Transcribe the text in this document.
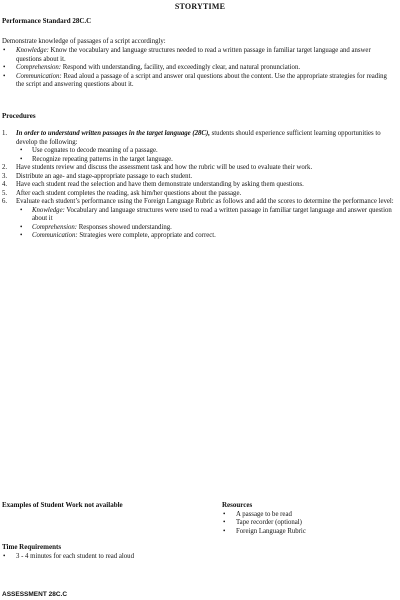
STORYTIME
Performance Standard 28C.C
Demonstrate knowledge of passages of a script accordingly:
• Knowledge: Know the vocabulary and language structures needed to read a written passage in familiar target language and answer questions about it.
• Comprehension: Respond with understanding, facility, and exceedingly clear, and natural pronunciation.
• Communication: Read aloud a passage of a script and answer oral questions about the content. Use the appropriate strategies for reading the script and answering questions about it.
Procedures
1. In order to understand written passages in the target language (28C), students should experience sufficient learning opportunities to develop the following:
• Use cognates to decode meaning of a passage.
• Recognize repeating patterns in the target language.
2. Have students review and discuss the assessment task and how the rubric will be used to evaluate their work.
3. Distribute an age- and stage-appropriate passage to each student.
4. Have each student read the selection and have them demonstrate understanding by asking them questions.
5. After each student completes the reading, ask him/her questions about the passage.
6. Evaluate each student’s performance using the Foreign Language Rubric as follows and add the scores to determine the performance level:
• Knowledge: Vocabulary and language structures were used to read a written passage in familiar target language and answer question about it
• Comprehension: Responses showed understanding.
• Communication: Strategies were complete, appropriate and correct.
Examples of Student Work not available	Resources
• A passage to be read
• Tape recorder (optional)
• Foreign Language Rubric
Time Requirements
• 3 - 4 minutes for each student to read aloud
ASSESSMENT 28C.C
